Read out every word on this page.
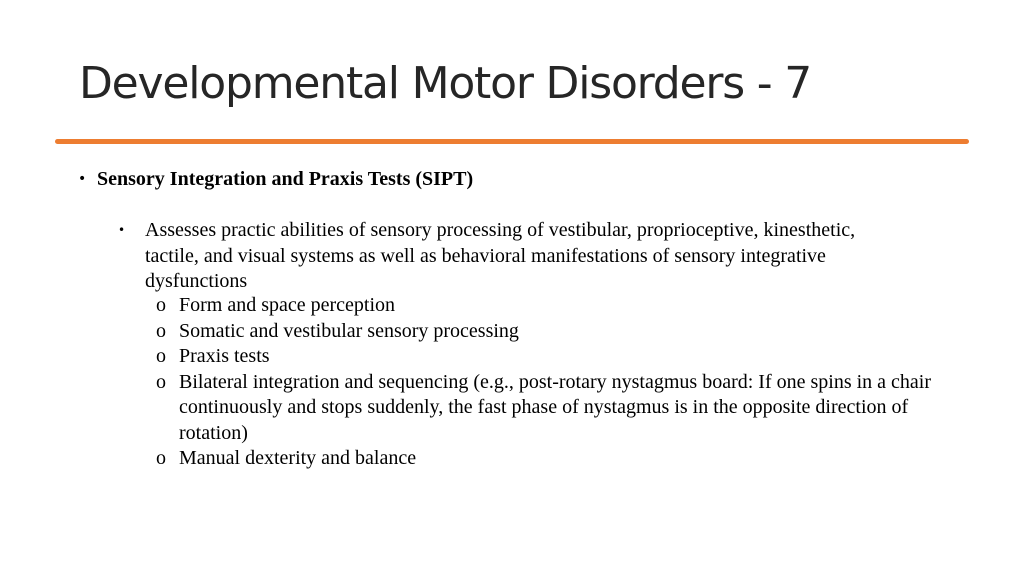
Developmental Motor Disorders - 7
• Sensory Integration and Praxis Tests (SIPT)
• Assesses practic abilities of sensory processing of vestibular, proprioceptive, kinesthetic, tactile, and visual systems as well as behavioral manifestations of sensory integrative dysfunctions
o Form and space perception
o Somatic and vestibular sensory processing
o Praxis tests
o Bilateral integration and sequencing (e.g., post-rotary nystagmus board: If one spins in a chair continuously and stops suddenly, the fast phase of nystagmus is in the opposite direction of rotation)
o Manual dexterity and balance
